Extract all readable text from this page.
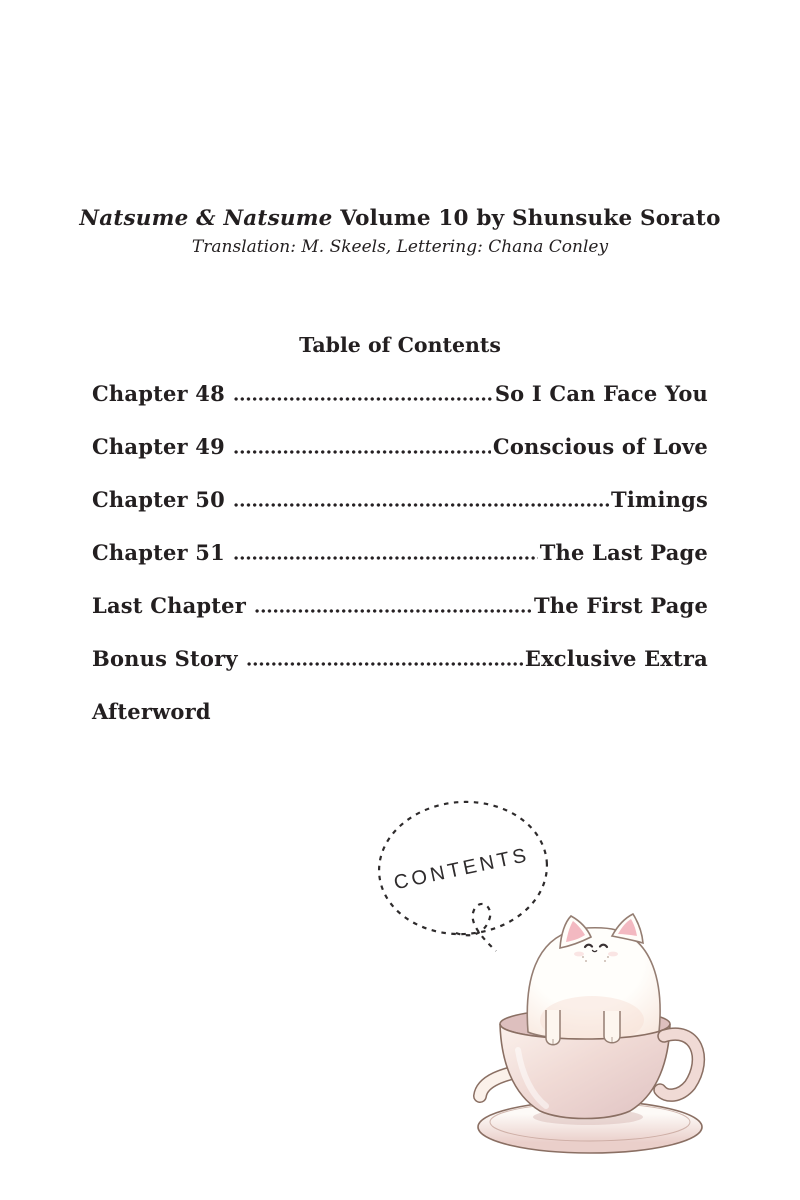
Natsume & Natsume Volume 10 by Shunsuke Sorato
Translation: M. Skeels, Lettering: Chana Conley
Table of Contents
Chapter 48	So I Can Face You
Chapter 49	Conscious of Love
Chapter 50	Timings
Chapter 51	The Last Page
Last Chapter	The First Page
Bonus Story	Exclusive Extra
Afterword
CONTENTS
